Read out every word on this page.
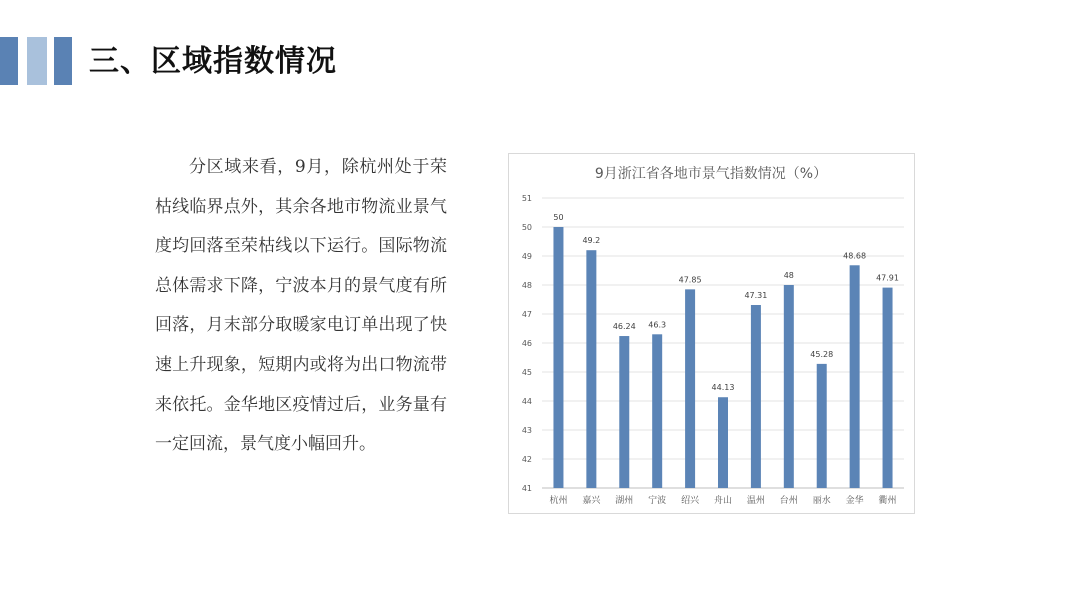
三、区域指数情况

分区域来看，9月，除杭州处于荣枯线临界点外，其余各地市物流业景气度均回落至荣枯线以下运行。国际物流总体需求下降，宁波本月的景气度有所回落，月末部分取暖家电订单出现了快速上升现象，短期内或将为出口物流带来依托。金华地区疫情过后，业务量有一定回流，景气度小幅回升。

9月浙江省各地市景气指数情况（%）
41
42
43
44
45
46
47
48
49
50
51
50
杭州
49.2
嘉兴
46.24
湖州
46.3
宁波
47.85
绍兴
44.13
舟山
47.31
温州
48
台州
45.28
丽水
48.68
金华
47.91
衢州
